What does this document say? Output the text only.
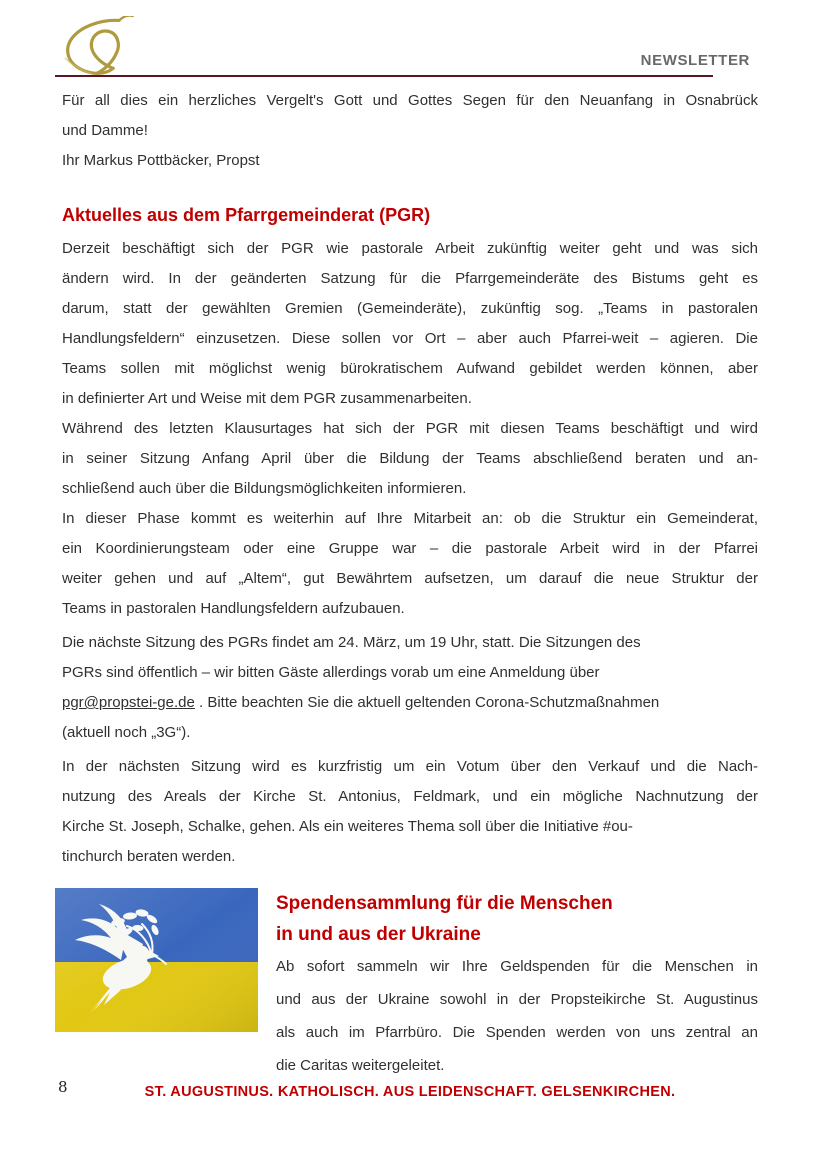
NEWSLETTER
Für all dies ein herzliches Vergelt's Gott und Gottes Segen für den Neuanfang in Osnabrück
und Damme!
Ihr Markus Pottbäcker, Propst
Aktuelles aus dem Pfarrgemeinderat (PGR)
Derzeit beschäftigt sich der PGR wie pastorale Arbeit zukünftig weiter geht und was sich
ändern wird. In der geänderten Satzung für die Pfarrgemeinderäte des Bistums geht es
darum, statt der gewählten Gremien (Gemeinderäte), zukünftig sog. „Teams in pastoralen
Handlungsfeldern“ einzusetzen. Diese sollen vor Ort – aber auch Pfarrei-weit – agieren. Die
Teams sollen mit möglichst wenig bürokratischem Aufwand gebildet werden können, aber
in definierter Art und Weise mit dem PGR zusammenarbeiten.
Während des letzten Klausurtages hat sich der PGR mit diesen Teams beschäftigt und wird
in seiner Sitzung Anfang April über die Bildung der Teams abschließend beraten und an-
schließend auch über die Bildungsmöglichkeiten informieren.
In dieser Phase kommt es weiterhin auf Ihre Mitarbeit an: ob die Struktur ein Gemeinderat,
ein Koordinierungsteam oder eine Gruppe war – die pastorale Arbeit wird in der Pfarrei
weiter gehen und auf „Altem“, gut Bewährtem aufsetzen, um darauf die neue Struktur der
Teams in pastoralen Handlungsfeldern aufzubauen.
Die nächste Sitzung des PGRs findet am 24. März, um 19 Uhr, statt. Die Sitzungen des
PGRs sind öffentlich – wir bitten Gäste allerdings vorab um eine Anmeldung über
pgr@propstei-ge.de . Bitte beachten Sie die aktuell geltenden Corona-Schutzmaßnahmen
(aktuell noch „3G“).
In der nächsten Sitzung wird es kurzfristig um ein Votum über den Verkauf und die Nach-
nutzung des Areals der Kirche St. Antonius, Feldmark, und ein mögliche Nachnutzung der
Kirche St. Joseph, Schalke, gehen. Als ein weiteres Thema soll über die Initiative #ou-
tinchurch beraten werden.
Spendensammlung für die Menschen
in und aus der Ukraine
Ab sofort sammeln wir Ihre Geldspenden für die Menschen in
und aus der Ukraine sowohl in der Propsteikirche St. Augustinus
als auch im Pfarrbüro. Die Spenden werden von uns zentral an
die Caritas weitergeleitet.
8	ST. AUGUSTINUS. KATHOLISCH. AUS LEIDENSCHAFT. GELSENKIRCHEN.
